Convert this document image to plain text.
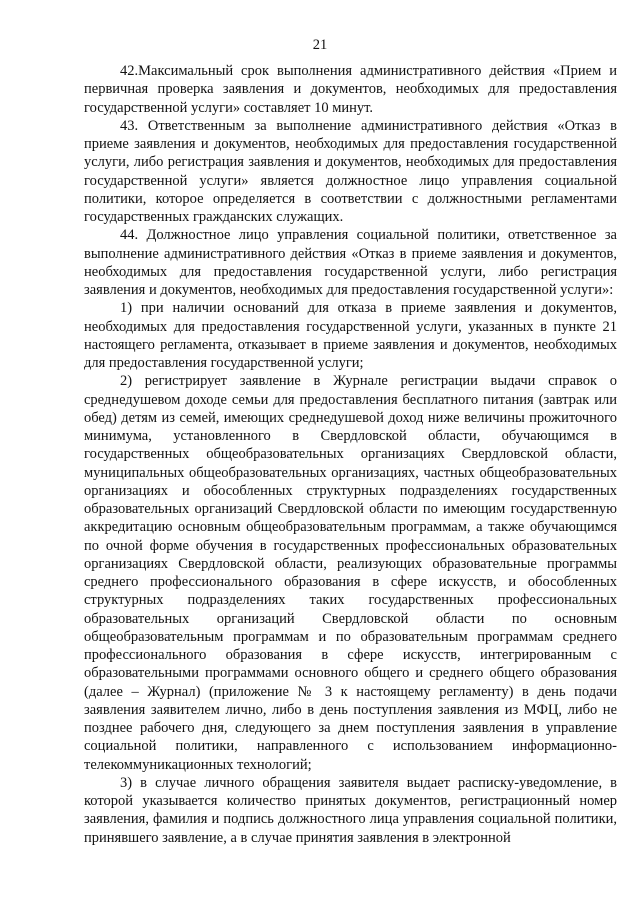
21

42.Максимальный срок выполнения административного действия «Прием и первичная проверка заявления и документов, необходимых для предоставления государственной услуги» составляет 10 минут.

43. Ответственным за выполнение административного действия «Отказ в приеме заявления и документов, необходимых для предоставления государственной услуги, либо регистрация заявления и документов, необходимых для предоставления государственной услуги» является должностное лицо управления социальной политики, которое определяется в соответствии с должностными регламентами государственных гражданских служащих.

44. Должностное лицо управления социальной политики, ответственное за выполнение административного действия «Отказ в приеме заявления и документов, необходимых для предоставления государственной услуги, либо регистрация заявления и документов, необходимых для предоставления государственной услуги»:

1) при наличии оснований для отказа в приеме заявления и документов, необходимых для предоставления государственной услуги, указанных в пункте 21 настоящего регламента, отказывает в приеме заявления и документов, необходимых для предоставления государственной услуги;

2) регистрирует заявление в Журнале регистрации выдачи справок о среднедушевом доходе семьи для предоставления бесплатного питания (завтрак или обед) детям из семей, имеющих среднедушевой доход ниже величины прожиточного минимума, установленного в Свердловской области, обучающимся в государственных общеобразовательных организациях Свердловской области, муниципальных общеобразовательных организациях, частных общеобразовательных организациях и обособленных структурных подразделениях государственных образовательных организаций Свердловской области по имеющим государственную аккредитацию основным общеобразовательным программам, а также обучающимся по очной форме обучения в государственных профессиональных образовательных организациях Свердловской области, реализующих образовательные программы среднего профессионального образования в сфере искусств, и обособленных структурных подразделениях таких государственных профессиональных образовательных организаций Свердловской области по основным общеобразовательным программам и по образовательным программам среднего профессионального образования в сфере искусств, интегрированным с образовательными программами основного общего и среднего общего образования (далее – Журнал) (приложение № 3 к настоящему регламенту) в день подачи заявления заявителем лично, либо в день поступления заявления из МФЦ, либо не позднее рабочего дня, следующего за днем поступления заявления в управление социальной политики, направленного с использованием информационно-телекоммуникационных технологий;

3) в случае личного обращения заявителя выдает расписку-уведомление, в которой указывается количество принятых документов, регистрационный номер заявления, фамилия и подпись должностного лица управления социальной политики, принявшего заявление, а в случае принятия заявления в электронной
